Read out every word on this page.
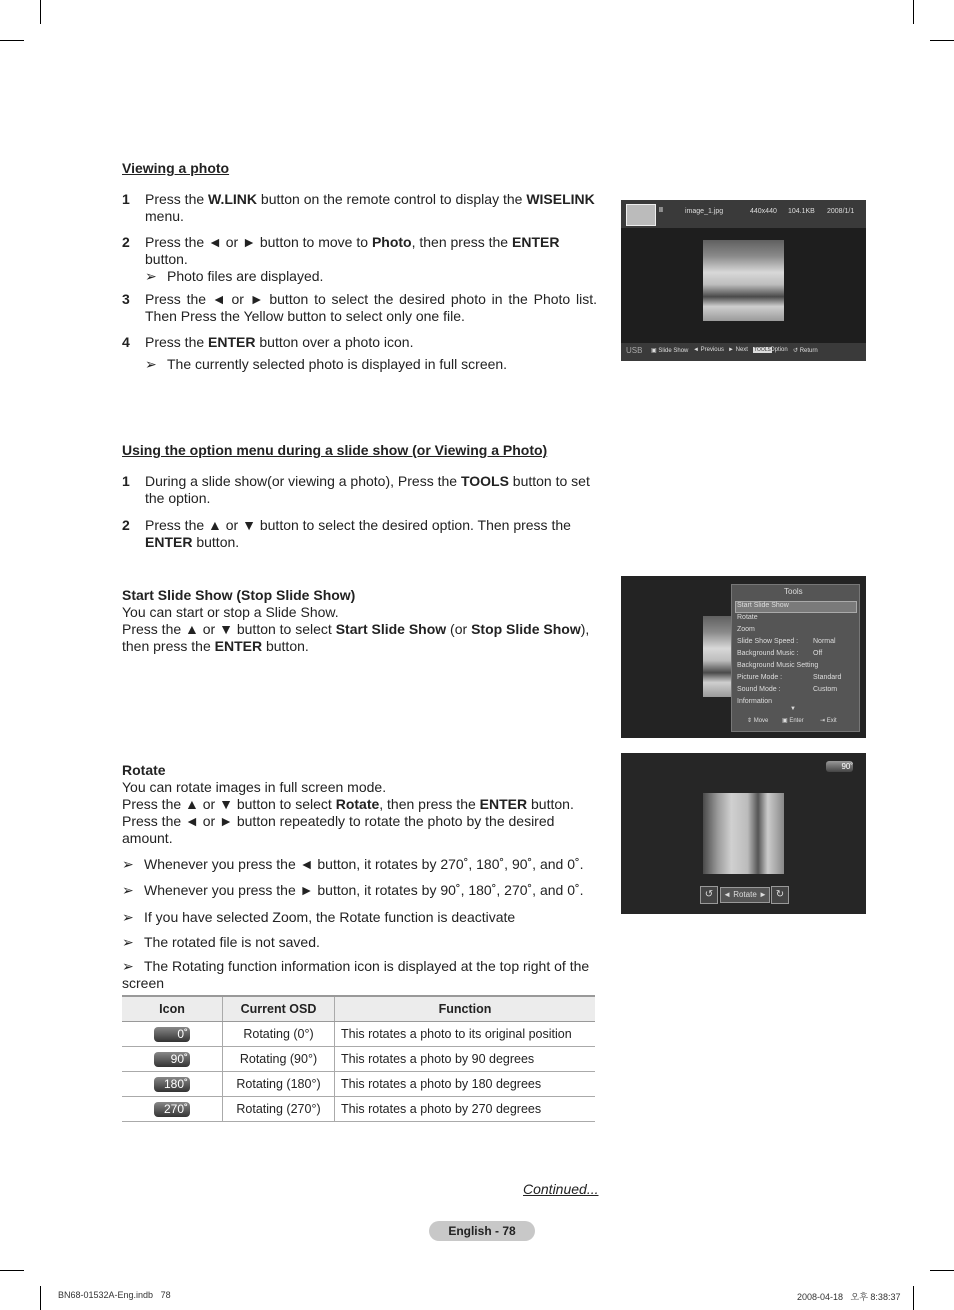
Viewing a photo
1 Press the W.LINK button on the remote control to display the WISELINK
menu.
2 Press the ◄ or ► button to move to Photo, then press the ENTER
button.
➢ Photo files are displayed.
3 Press the ◄ or ► button to select the desired photo in the Photo list. Then Press the Yellow button to select only one file.
4 Press the ENTER button over a photo icon.
➢ The currently selected photo is displayed in full screen.
II	image_1.jpg	440x440 104.1KB 2008/1/1
USB ▣ Slide Show ◄ Previous ► Next TOOLS Option ↺ Return
Using the option menu during a slide show (or Viewing a Photo)
1 During a slide show(or viewing a photo), Press the TOOLS button to set the option.
2 Press the ▲ or ▼ button to select the desired option. Then press the ENTER button.
Start Slide Show (Stop Slide Show)
You can start or stop a Slide Show.
Press the ▲ or ▼ button to select Start Slide Show (or Stop Slide Show),
then press the ENTER button.
Tools
Start Slide Show
Rotate
Zoom
Slide Show Speed : Normal
Background Music : Off
Background Music Setting
Picture Mode :	Standard
Sound Mode :	Custom
Information
▼
⇕ Move ▣ Enter	⇥ Exit
Rotate
You can rotate images in full screen mode.
Press the ▲ or ▼ button to select Rotate, then press the ENTER button.
Press the ◄ or ► button repeatedly to rotate the photo by the desired amount.
➢ Whenever you press the ◄ button, it rotates by 270˚, 180˚, 90˚, and 0˚.
➢ Whenever you press the ► button, it rotates by 90˚, 180˚, 270˚, and 0˚.
➢ If you have selected Zoom, the Rotate function is deactivate
➢ The rotated file is not saved.
➢ The Rotating function information icon is displayed at the top right of the screen
90˚
↺	◄ Rotate ► ↻
Icon	Current OSD	Function
0˚	Rotating (0°)	This rotates a photo to its original position
90˚	Rotating (90°)	This rotates a photo by 90 degrees
180˚	Rotating (180°)	This rotates a photo by 180 degrees
270˚	Rotating (270°)	This rotates a photo by 270 degrees
Continued...
English - 78
BN68-01532A-Eng.indb   78	2008-04-18   오후 8:38:37
